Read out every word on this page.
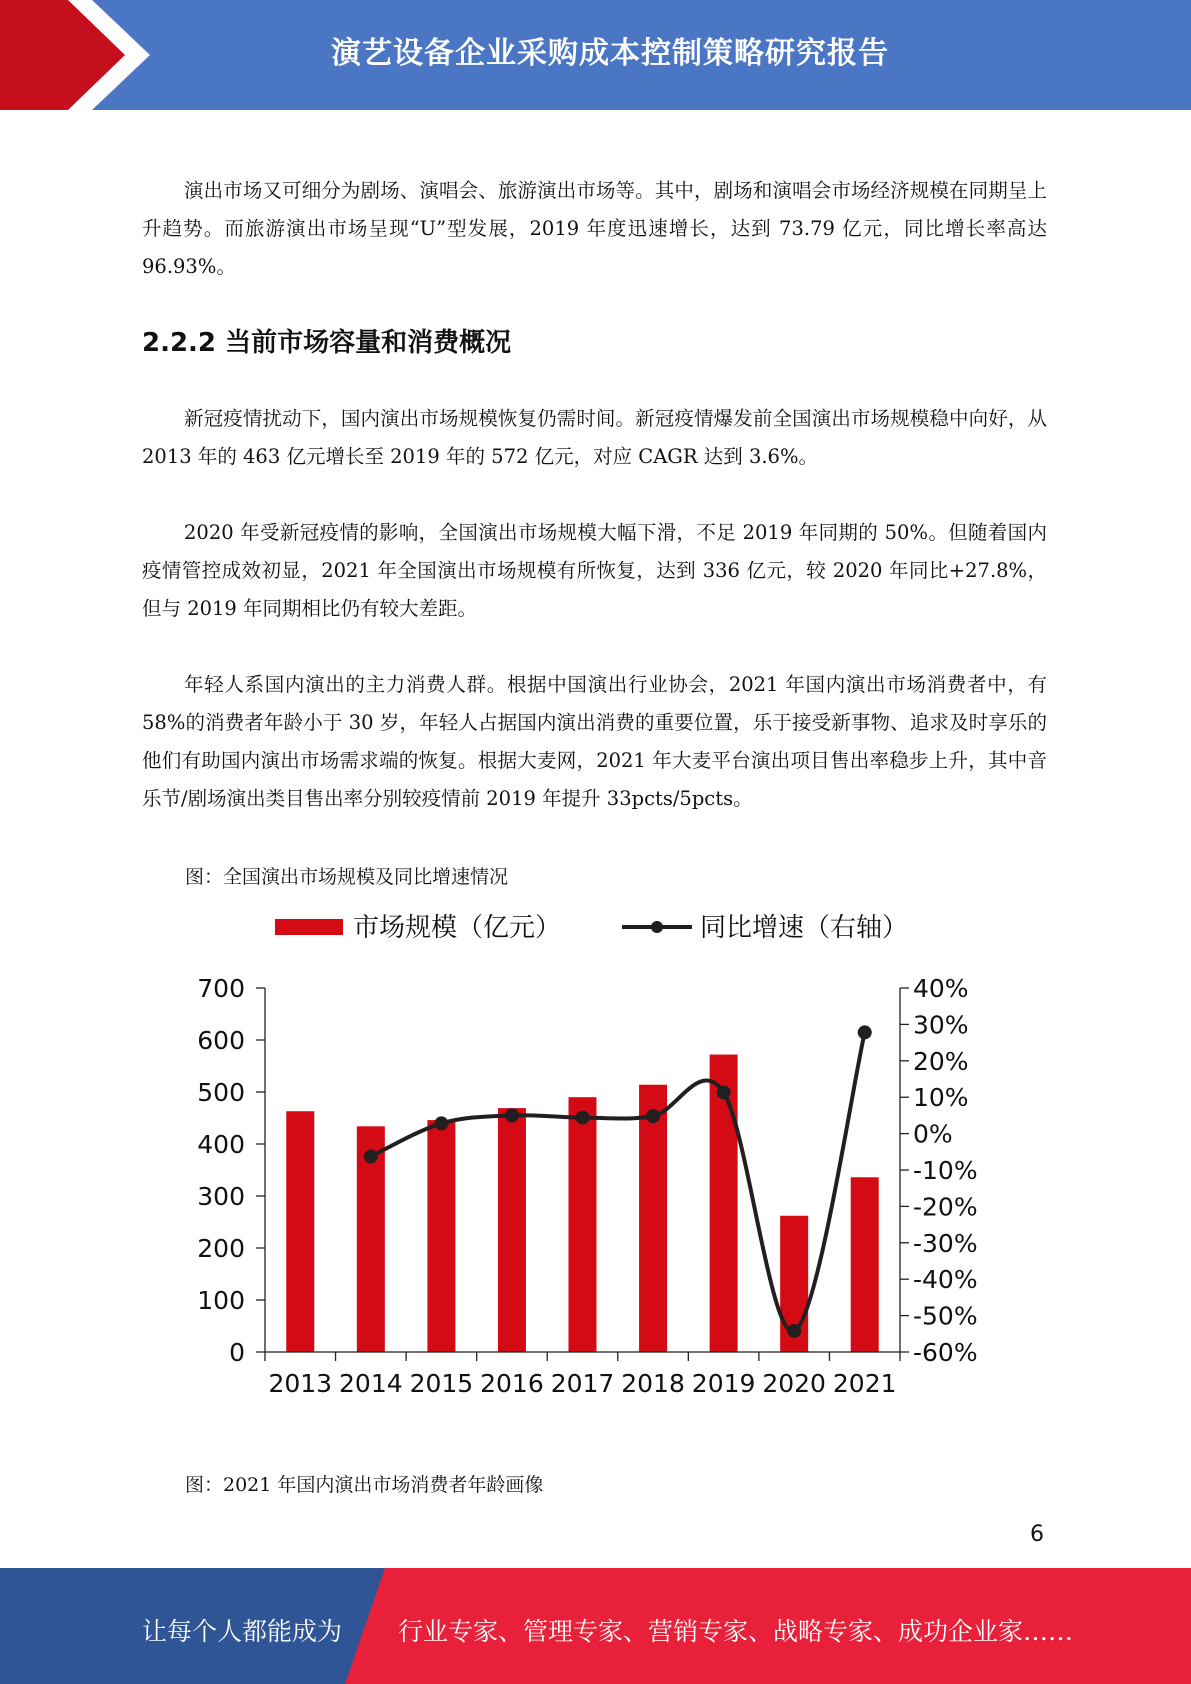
演艺设备企业采购成本控制策略研究报告

演出市场又可细分为剧场、演唱会、旅游演出市场等。其中，剧场和演唱会市场经济规模在同期呈上升趋势。而旅游演出市场呈现“U”型发展，2019 年度迅速增长，达到 73.79 亿元，同比增长率高达 96.93%。

2.2.2 当前市场容量和消费概况

新冠疫情扰动下，国内演出市场规模恢复仍需时间。新冠疫情爆发前全国演出市场规模稳中向好，从 2013 年的 463 亿元增长至 2019 年的 572 亿元，对应 CAGR 达到 3.6%。

2020 年受新冠疫情的影响，全国演出市场规模大幅下滑，不足 2019 年同期的 50%。但随着国内疫情管控成效初显，2021 年全国演出市场规模有所恢复，达到 336 亿元，较 2020 年同比+27.8%，但与 2019 年同期相比仍有较大差距。

年轻人系国内演出的主力消费人群。根据中国演出行业协会，2021 年国内演出市场消费者中，有 58%的消费者年龄小于 30 岁，年轻人占据国内演出消费的重要位置，乐于接受新事物、追求及时享乐的他们有助国内演出市场需求端的恢复。根据大麦网，2021 年大麦平台演出项目售出率稳步上升，其中音乐节/剧场演出类目售出率分别较疫情前 2019 年提升 33pcts/5pcts。

图：全国演出市场规模及同比增速情况

市场规模（亿元）	同比增速（右轴）
0
100
200
300
400
500
600
700
-60%
-50%
-40%
-30%
-20%
-10%
0%
10%
20%
30%
40%
2013 2014 2015 2016 2017 2018 2019 2020 2021

图：2021 年国内演出市场消费者年龄画像

6
让每个人都能成为 行业专家、管理专家、营销专家、战略专家、成功企业家……
